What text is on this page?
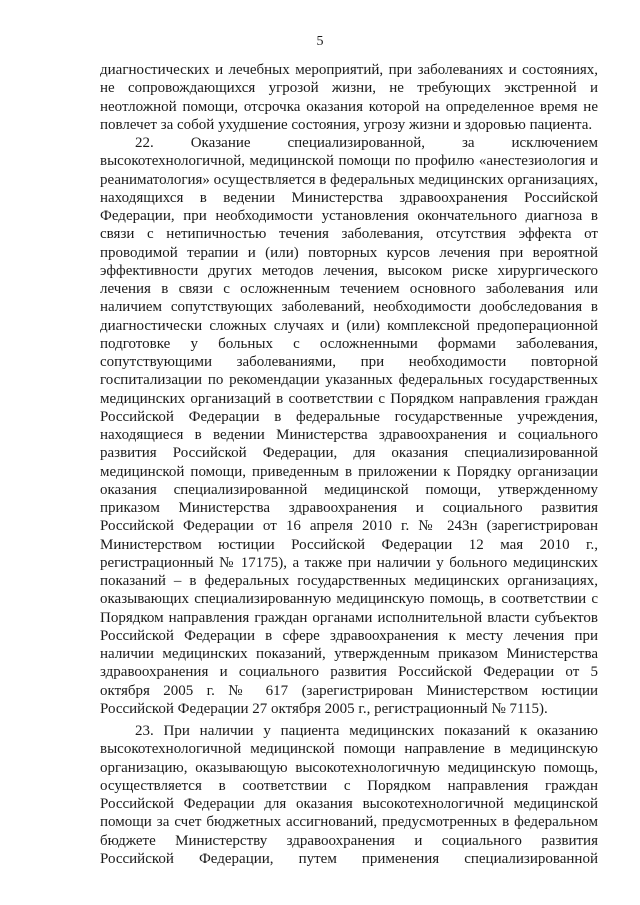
5
диагностических и лечебных мероприятий, при заболеваниях и состояниях,
не сопровождающихся угрозой жизни, не требующих экстренной и
неотложной помощи, отсрочка оказания которой на определенное время не
повлечет за собой ухудшение состояния, угрозу жизни и здоровью пациента.
22. Оказание специализированной, за исключением
высокотехнологичной, медицинской помощи по профилю «анестезиология и
реаниматология» осуществляется в федеральных медицинских организациях,
находящихся в ведении Министерства здравоохранения Российской
Федерации, при необходимости установления окончательного диагноза в
связи с нетипичностью течения заболевания, отсутствия эффекта от
проводимой терапии и (или) повторных курсов лечения при вероятной
эффективности других методов лечения, высоком риске хирургического
лечения в связи с осложненным течением основного заболевания или
наличием сопутствующих заболеваний, необходимости дообследования в
диагностически сложных случаях и (или) комплексной предоперационной
подготовке у больных с осложненными формами заболевания,
сопутствующими заболеваниями, при необходимости повторной
госпитализации по рекомендации указанных федеральных государственных
медицинских организаций в соответствии с Порядком направления граждан
Российской Федерации в федеральные государственные учреждения,
находящиеся в ведении Министерства здравоохранения и социального
развития Российской Федерации, для оказания специализированной
медицинской помощи, приведенным в приложении к Порядку организации
оказания специализированной медицинской помощи, утвержденному
приказом Министерства здравоохранения и социального развития
Российской Федерации от 16 апреля 2010 г. № 243н (зарегистрирован
Министерством юстиции Российской Федерации 12 мая 2010 г.,
регистрационный № 17175), а также при наличии у больного медицинских
показаний – в федеральных государственных медицинских организациях,
оказывающих специализированную медицинскую помощь, в соответствии с
Порядком направления граждан органами исполнительной власти субъектов
Российской Федерации в сфере здравоохранения к месту лечения при
наличии медицинских показаний, утвержденным приказом Министерства
здравоохранения и социального развития Российской Федерации от 5
октября 2005 г. № 617 (зарегистрирован Министерством юстиции
Российской Федерации 27 октября 2005 г., регистрационный № 7115).
23. При наличии у пациента медицинских показаний к оказанию
высокотехнологичной медицинской помощи направление в медицинскую
организацию, оказывающую высокотехнологичную медицинскую помощь,
осуществляется в соответствии с Порядком направления граждан
Российской Федерации для оказания высокотехнологичной медицинской
помощи за счет бюджетных ассигнований, предусмотренных в федеральном
бюджете Министерству здравоохранения и социального развития
Российской Федерации, путем применения специализированной
